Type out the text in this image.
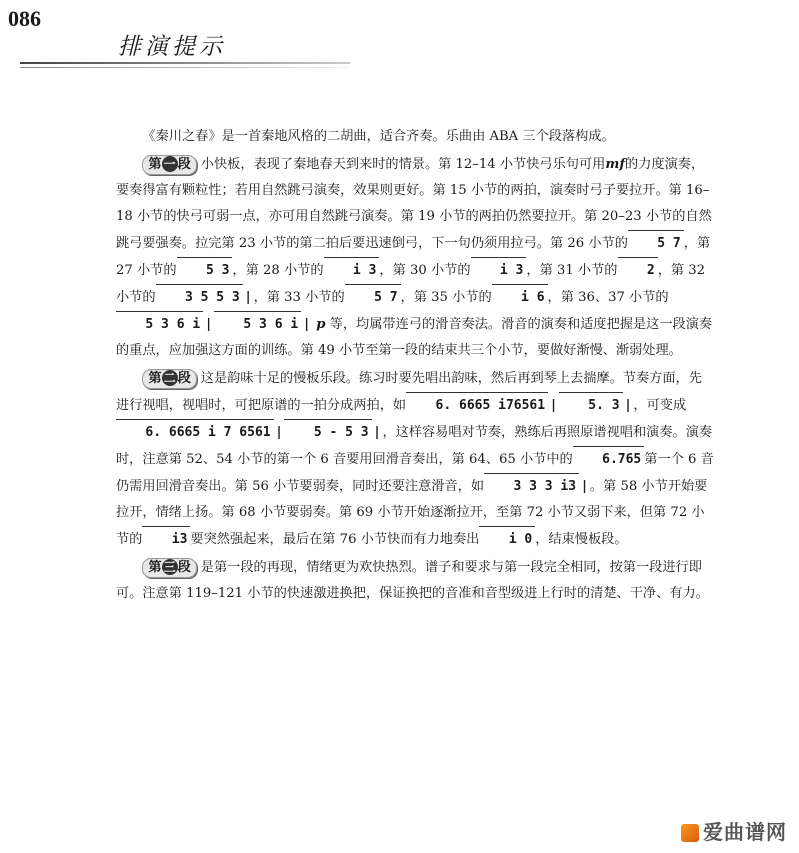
086
排演提示

《秦川之春》是一首秦地风格的二胡曲，适合齐奏。乐曲由 ABA 三个段落构成。

第 一 段 小快板，表现了秦地春天到来时的情景。第 12–14 小节快弓乐句可用mf的力度演奏，要奏得富有颗粒性；若用自然跳弓演奏，效果则更好。第 15 小节的两拍，演奏时弓子要拉开。第 16–18 小节的快弓可弱一点，亦可用自然跳弓演奏。第 19 小节的两拍仍然要拉开。第 20–23 小节的自然跳弓要强奏。拉完第 23 小节的第二拍后要迅速倒弓，下一句仍须用拉弓。第 26 小节的 5 7 ，第 27 小节的 5 3 ，第 28 小节的 i 3 ，第 30 小节的 i 3 ，第 31 小节的 2 ，第 32 小节的 3 5 5 3 | ，第 33 小节的 5 7 ，第 35 小节的 i 6 ，第 36、37 小节的5 3 6 i | 5 3 6 i | p 等，均属带连弓的滑音奏法。滑音的演奏和适度把握是这一段演奏的重点，应加强这方面的训练。第 49 小节至第一段的结束共三个小节，要做好渐慢、渐弱处理。

第 二 段 这是韵味十足的慢板乐段。练习时要先唱出韵味，然后再到琴上去揣摩。节奏方面，先进行视唱，视唱时，可把原谱的一拍分成两拍，如 6. 6665 i76561 | 5. 3 | ，可变成6. 6665 i 7 6561 | 5 - 5 3 | ，这样容易唱对节奏，熟练后再照原谱视唱和演奏。演奏时，注意第 52、54 小节的第一个 6 音要用回滑音奏出，第 64、65 小节中的 6.765 第一个 6 音仍需用回滑音奏出。第 56 小节要弱奏，同时还要注意滑音，如 3 3 3 i3 | 。第 58 小节开始要拉开，情绪上扬。第 68 小节要弱奏。第 69 小节开始逐渐拉开，至第 72 小节又弱下来，但第 72 小节的 i3 要突然强起来，最后在第 76 小节快而有力地奏出 i 0 ，结束慢板段。

第 三 段 是第一段的再现，情绪更为欢快热烈。谱子和要求与第一段完全相同，按第一段进行即可。注意第 119–121 小节的快速激进换把，保证换把的音准和音型级进上行时的清楚、干净、有力。

爱曲谱网
